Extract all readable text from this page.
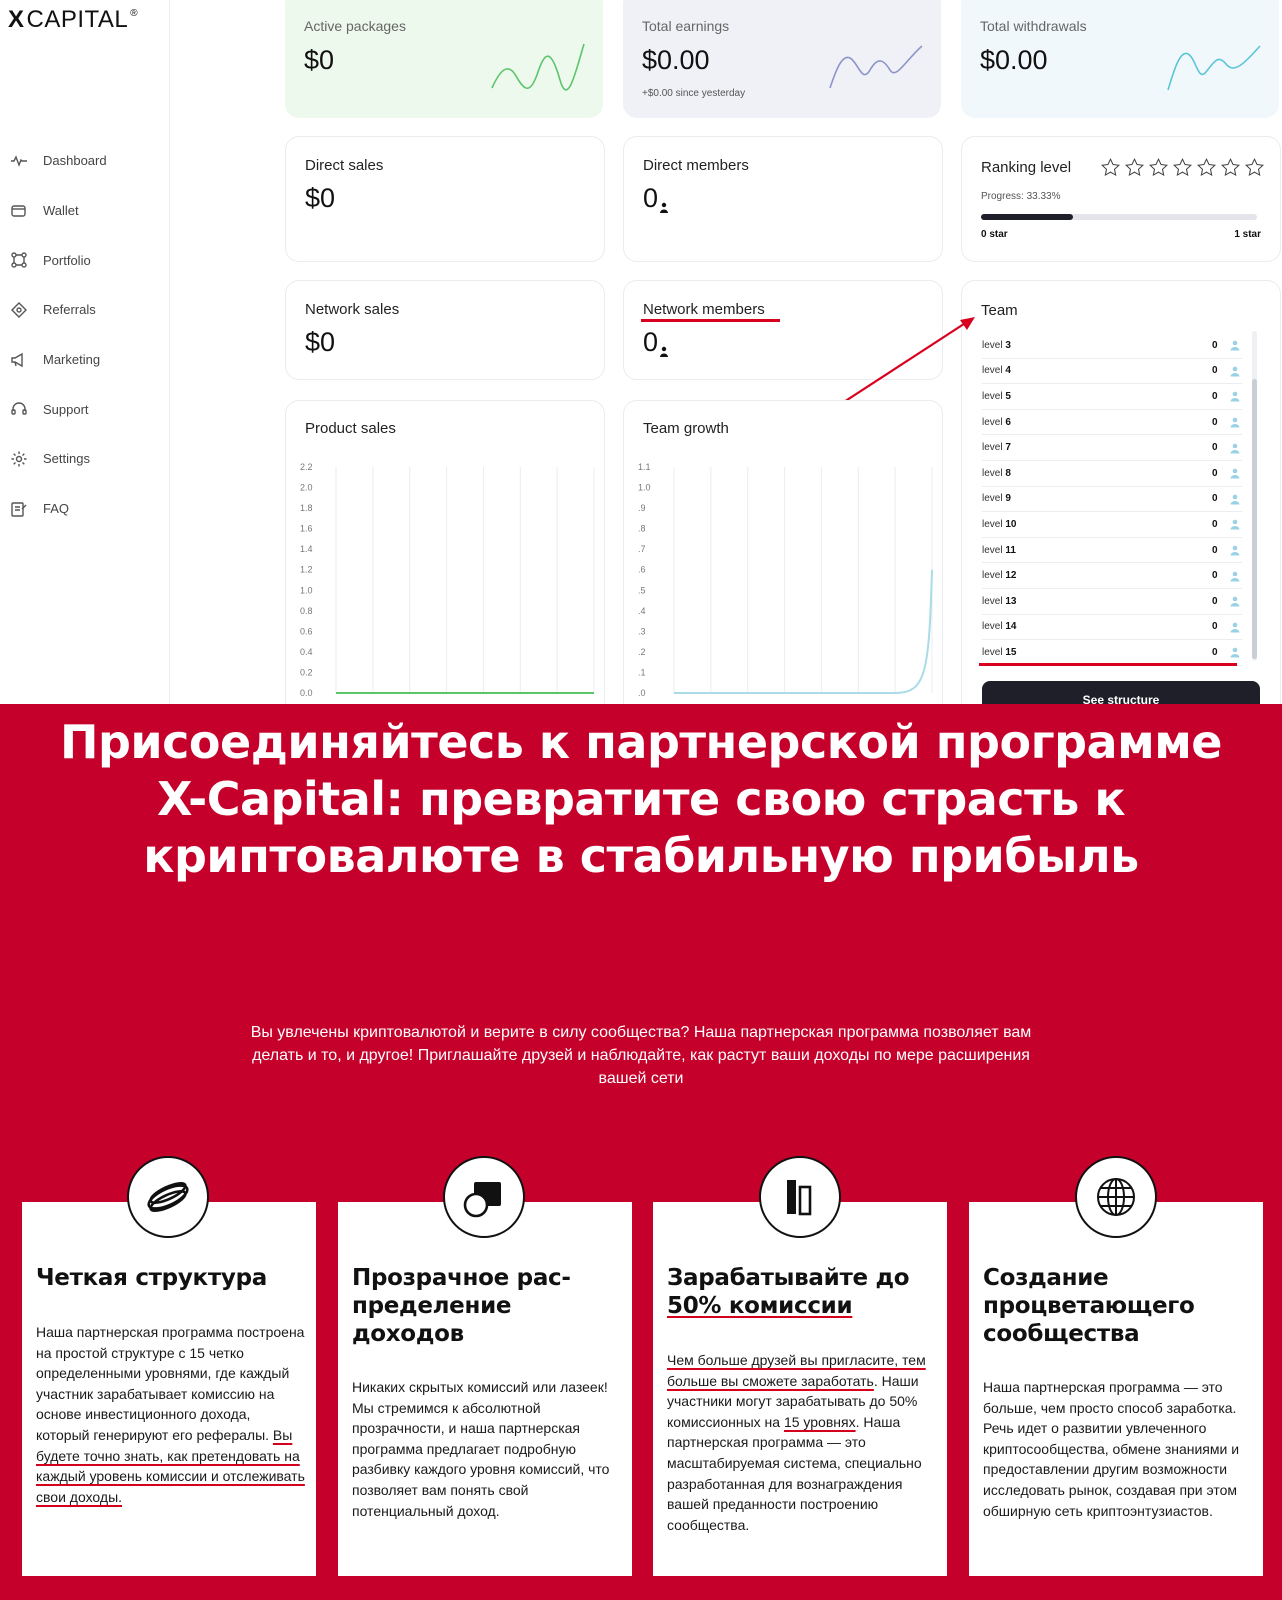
X CAPITAL®
Dashboard
Wallet
Portfolio
Referrals
Marketing
Support
Settings
FAQ
Active packages
$0
Total earnings
$0.00
+$0.00 since yesterday
Total withdrawals
$0.00
Direct sales
$0
Direct members
0
Ranking level
Progress: 33.33%
0 star	1 star
Network sales
$0
Network members
0
Team
level 3	0
level 4	0
level 5	0
level 6	0
level 7	0
level 8	0
level 9	0
level 10	0
level 11	0
level 12	0
level 13	0
level 14	0
level 15	0
See structure
Product sales
0.0
0.2
0.4
0.6
0.8
1.0
1.2
1.4
1.6
1.8
2.0
2.2
Team growth
.0
.1
.2
.3
.4
.5
.6
.7
.8
.9
1.0
1.1
Присоединяйтесь к партнерской программе X-Capital: превратите свою страсть к криптовалюте в стабильную прибыль
Вы увлечены криптовалютой и верите в силу сообщества? Наша партнерская программа позволяет вам делать и то, и другое! Приглашайте друзей и наблюдайте, как растут ваши доходы по мере расширения вашей сети
Четкая структура

Наша партнерская программа построена на простой структуре с 15 четко определенными уровнями, где каждый участник зарабатывает комиссию на основе инвестиционного дохода, который генерируют его рефералы. Вы будете точно знать, как претендовать на каждый уровень комиссии и отслеживать свои доходы.

Прозрачное рас-пределение доходов

Никаких скрытых комиссий или лазеек! Мы стремимся к абсолютной прозрачности, и наша партнерская программа предлагает подробную разбивку каждого уровня комиссий, что позволяет вам понять свой потенциальный доход.

Зарабатывайте до 50% комиссии

Чем больше друзей вы пригласите, тем больше вы сможете заработать. Наши участники могут зарабатывать до 50% комиссионных на 15 уровнях. Наша партнерская программа — это масштабируемая система, специально разработанная для вознаграждения вашей преданности построению сообщества.

Создание процветающего сообщества

Наша партнерская программа — это больше, чем просто способ заработка. Речь идет о развитии увлеченного криптосообщества, обмене знаниями и предоставлении другим возможности исследовать рынок, создавая при этом обширную сеть криптоэнтузиастов.
